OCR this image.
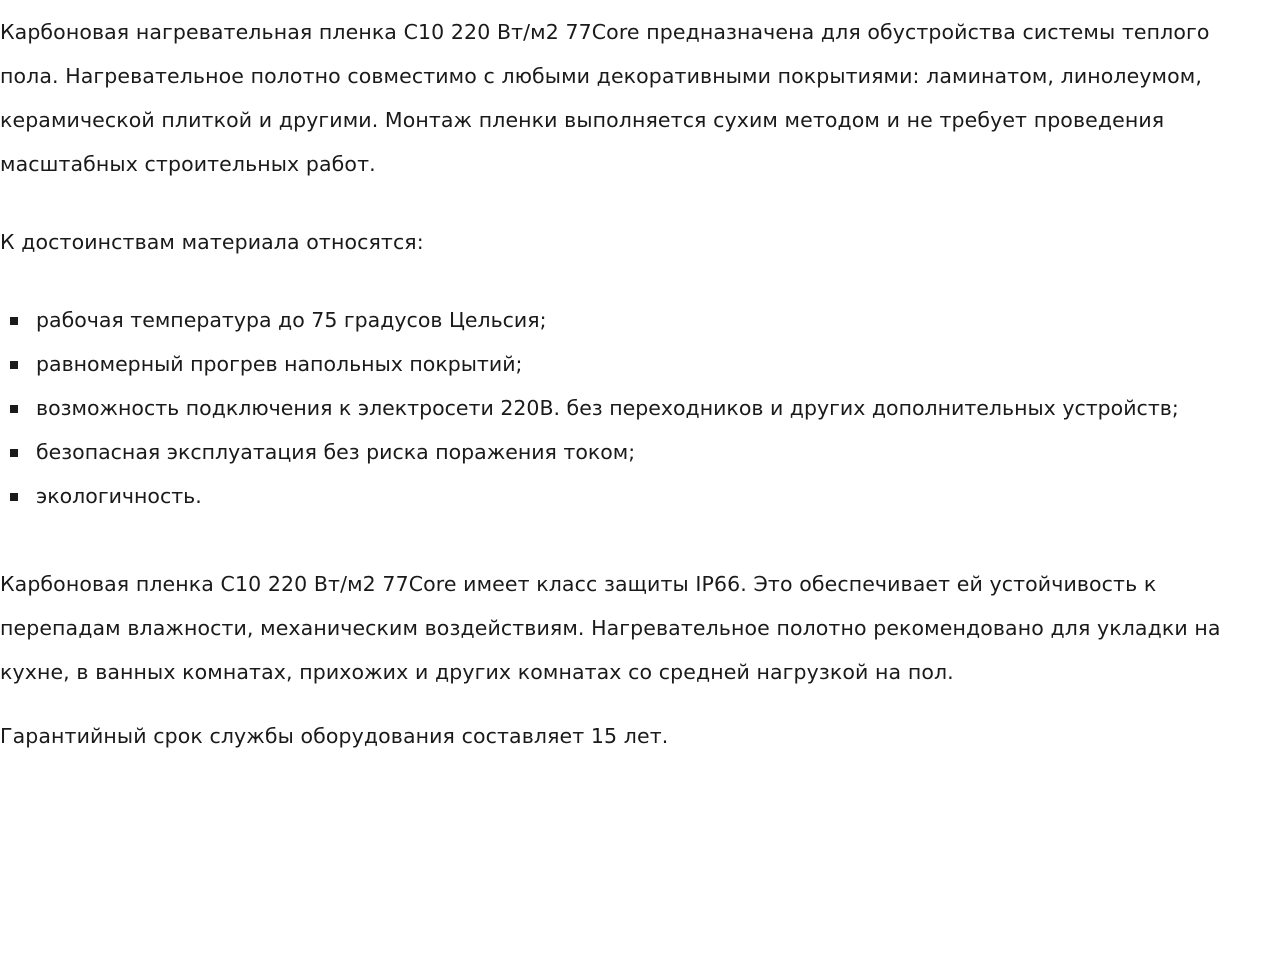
Карбоновая нагревательная пленка C10 220 Вт/м2 77Core предназначена для обустройства системы теплого пола. Нагревательное полотно совместимо с любыми декоративными покрытиями: ламинатом, линолеумом, керамической плиткой и другими. Монтаж пленки выполняется сухим методом и не требует проведения масштабных строительных работ.

К достоинствам материала относятся:

рабочая температура до 75 градусов Цельсия;
равномерный прогрев напольных покрытий;
возможность подключения к электросети 220В. без переходников и других дополнительных устройств;
безопасная эксплуатация без риска поражения током;
экологичность.

Карбоновая пленка C10 220 Вт/м2 77Core имеет класс защиты IP66. Это обеспечивает ей устойчивость к перепадам влажности, механическим воздействиям. Нагревательное полотно рекомендовано для укладки на кухне, в ванных комнатах, прихожих и других комнатах со средней нагрузкой на пол.

Гарантийный срок службы оборудования составляет 15 лет.
